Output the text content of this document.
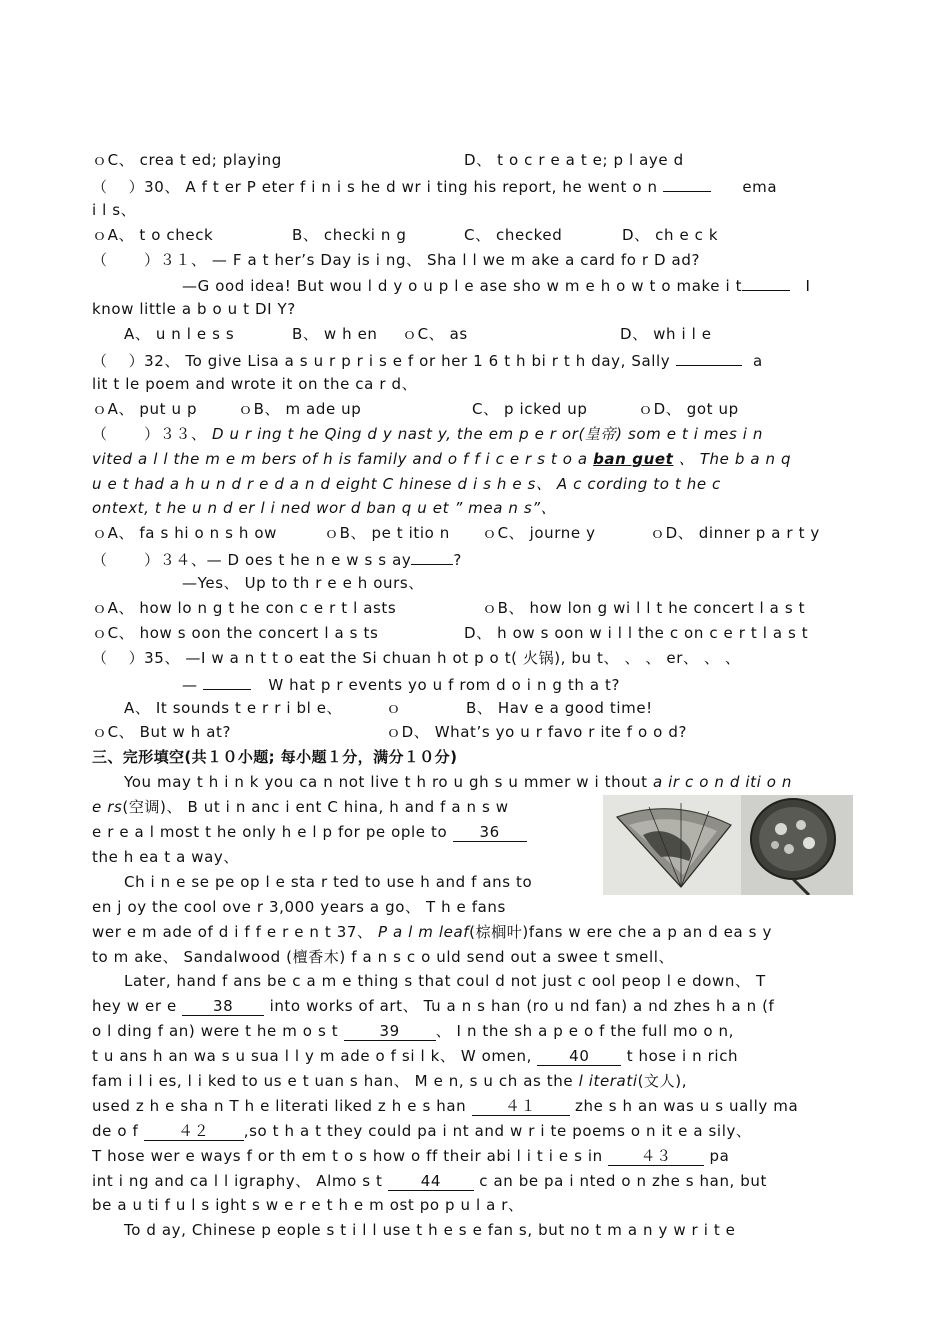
ｏC、 crea t ed; playing	D、 t o c r e a t e; p l aye d
（　 ）30、 A f t er P eter f i n i s he d wr i ting his report, he went o n	ema
i l s、
ｏA、 t o check	B、 checki n g	C、 checked	D、 ch e c k
（　　 ）３１、 — F a t her’s Day is i ng、 Sha l l we m ake a card fo r D ad?
—G ood idea! But wou l d y o u p l e ase sho w m e h o w t o make i t	I
know little a b o u t DI Y?
A、 u n l e s s	B、 w h en	ｏC、 as	D、 wh i l e
（　 ）32、 To give Lisa a s u r p r i s e f or her 1 6 t h bi r t h day, Sally	a
lit t le poem and wrote it on the ca r d、
ｏA、 put u p	ｏB、 m ade up	C、 p icked up	ｏD、 got up
（　　 ）３３、 D u r ing t he Qing d y nast y, the em p e r or(皇帝) som e t i mes i n
vited a l l the m e m bers of h is family and o f f i c e r s t o a ban guet 、 The b a n q
u e t had a h u n d r e d a n d eight C hinese d i s h e s、 A c cording to t he c
ontext, t he u n d er l i ned wor d ban q u et ” mea n s”、
ｏA、 fa s hi o n s h ow	ｏB、 pe t itio n	ｏC、 journe y	ｏD、 dinner p a r t y
（　　 ）３４、— D oes t he n e w s s ay	?
—Yes、 Up to th r e e h ours、
ｏA、 how lo n g t he con c e r t l asts	ｏB、 how lon g wi l l t he concert l a s t
ｏC、 how s oon the concert l a s ts	D、 h ow s oon w i l l the c on c e r t l a s t
（　 ）35、 —I w a n t t o eat the Si chuan h ot p o t( 火锅), bu t、 、 、 er、 、 、
—	W hat p r events yo u f rom d o i n g th a t?
A、 It sounds t e r r i bl e、	ｏ	B、 Hav e a good time!
ｏC、 But w h at?	ｏD、 What’s yo u r favo r ite f o o d?
三、完形填空(共１０小题; 每小题１分，满分１０分)
You may t h i n k you ca n not live t h ro u gh s u mmer w i thout a ir c o n d iti o n
e rs(空调)、 B ut i n anc i ent C hina, h and f a n s w
e r e a l most t he only h e l p for pe ople to 36
the h ea t a way、
Ch i n e se pe op l e sta r ted to use h and f ans to
en j oy the cool ove r 3,000 years a go、 T h e fans
wer e m ade of d i f f e r e n t 37、 P a l m leaf(棕榈叶)fans w ere che a p an d ea s y
to m ake、 Sandalwood (檀香木) f a n s c o uld send out a swee t smell、
Later, hand f ans be c a m e thing s that coul d not just c ool peop l e down、 T
hey w er e 38 into works of art、 Tu a n s han (ro u nd fan) a nd zhes h a n (f
o l ding f an) were t he m o s t	39 、 I n the sh a p e o f the full mo o n,
t u ans h an wa s u sua l l y m ade o f si l k、 W omen, 40 t hose i n rich
fam i l i es, l i ked to us e t uan s han、 M e n, s u ch as the l iterati(文人),
used z h e sha n T h e literati liked z h e s han	４１	zhe s h an was u s ually ma
de o f	４２ ,so t h a t they could pa i nt and w r i te poems o n it e a sily、
T hose wer e ways f or th em t o s how o ff their abi l i t i e s in	４３	pa
int i ng and ca l l igraphy、 Almo s t	44	c an be pa i nted o n zhe s han, but
be a u ti f u l s ight s w e r e t h e m ost po p u l a r、
To d ay, Chinese p eople s t i l l use t h e s e fan s, but no t m a n y w r i t e
